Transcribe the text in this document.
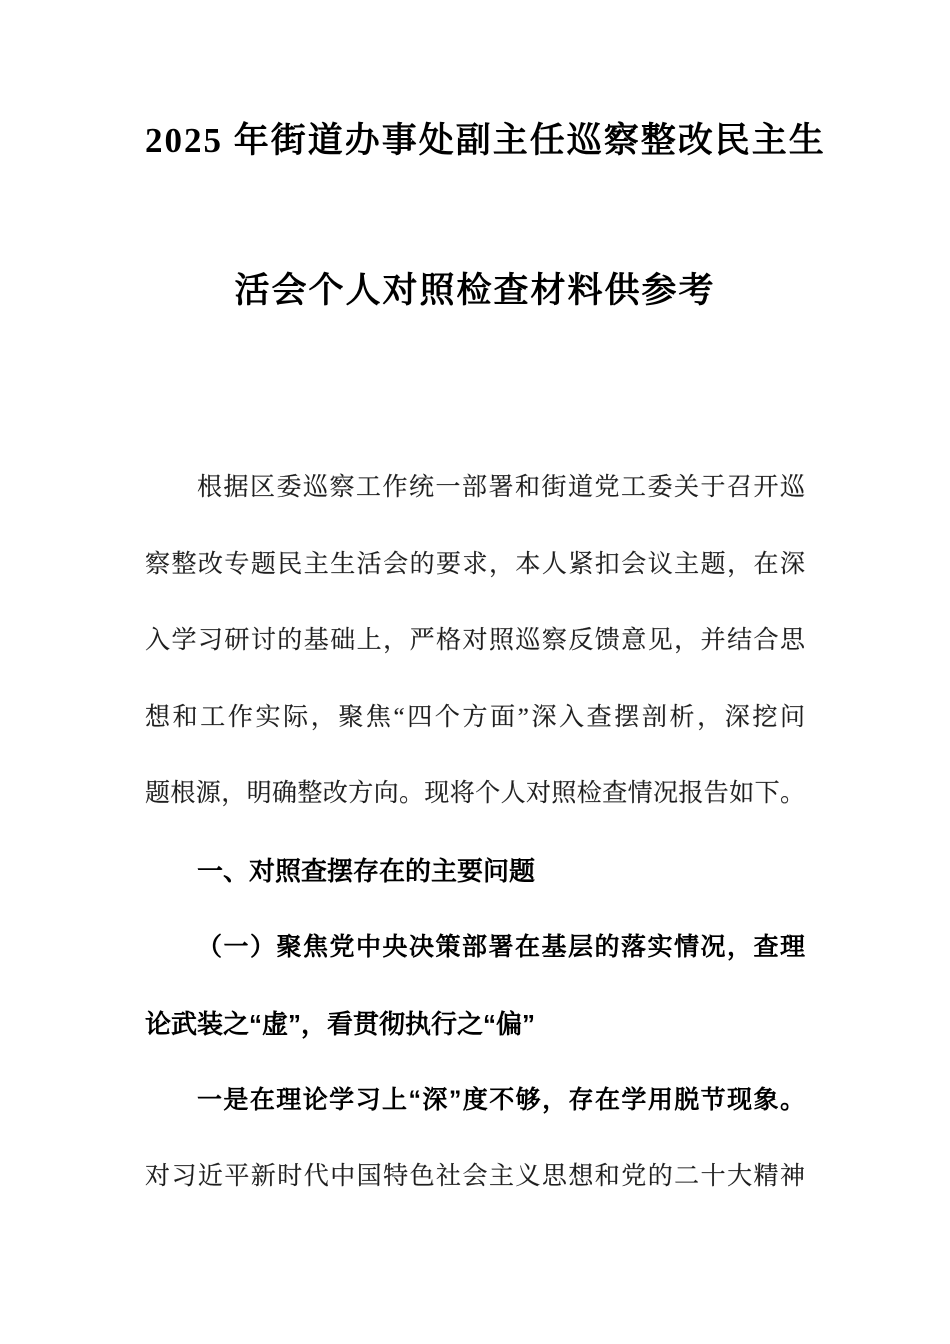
2025 年街道办事处副主任巡察整改民主生
活会个人对照检查材料供参考
根据区委巡察工作统一部署和街道党工委关于召开巡
察整改专题民主生活会的要求，本人紧扣会议主题，在深
入学习研讨的基础上，严格对照巡察反馈意见，并结合思
想和工作实际，聚焦“四个方面”深入查摆剖析，深挖问
题根源，明确整改方向。现将个人对照检查情况报告如下。
一、对照查摆存在的主要问题
（一）聚焦党中央决策部署在基层的落实情况，查理
论武装之“虚”，看贯彻执行之“偏”
一是在理论学习上“深”度不够，存在学用脱节现象。
对习近平新时代中国特色社会主义思想和党的二十大精神
